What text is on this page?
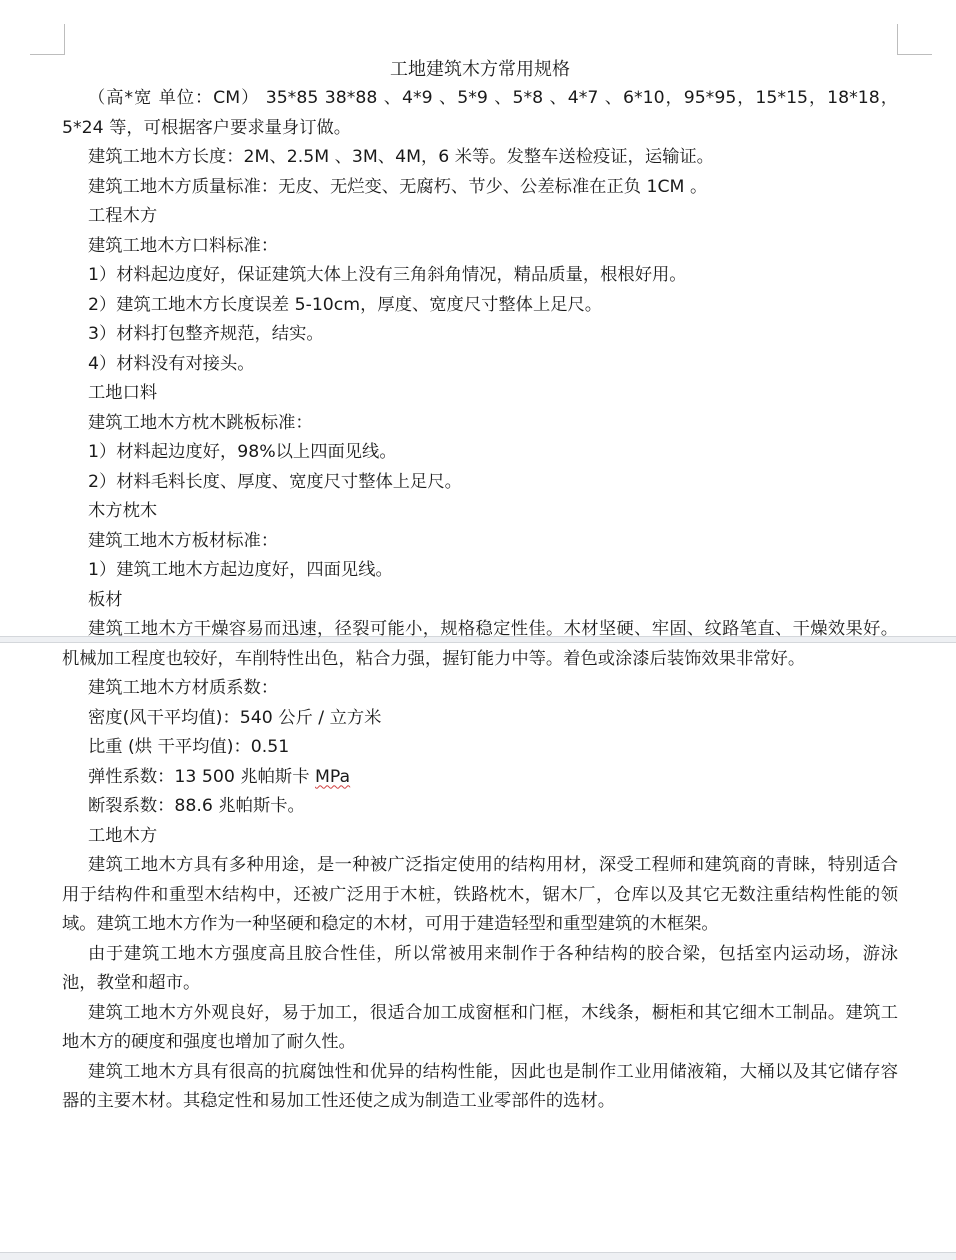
工地建筑木方常用规格

（高*宽 单位：CM） 35*85 38*88 、4*9 、5*9 、5*8 、4*7 、6*10，95*95，15*15，18*18，5*24 等，可根据客户要求量身订做。

建筑工地木方长度：2M、2.5M 、3M、4M，6 米等。发整车送检疫证，运输证。

建筑工地木方质量标准：无皮、无烂变、无腐朽、节少、公差标准在正负 1CM 。

工程木方

建筑工地木方口料标准：

1）材料起边度好，保证建筑大体上没有三角斜角情况，精品质量，根根好用。

2）建筑工地木方长度误差 5-10cm，厚度、宽度尺寸整体上足尺。

3）材料打包整齐规范，结实。

4）材料没有对接头。

工地口料

建筑工地木方枕木跳板标准：

1）材料起边度好，98%以上四面见线。

2）材料毛料长度、厚度、宽度尺寸整体上足尺。

木方枕木

建筑工地木方板材标准：

1）建筑工地木方起边度好，四面见线。

板材

建筑工地木方干燥容易而迅速，径裂可能小，规格稳定性佳。木材坚硬、牢固、纹路笔直、干燥效果好。机械加工程度也较好，车削特性出色，粘合力强，握钉能力中等。着色或涂漆后装饰效果非常好。

建筑工地木方材质系数：

密度(风干平均值)：540 公斤 / 立方米

比重 (烘 干平均值)：0.51

弹性系数：13 500 兆帕斯卡 MPa

断裂系数：88.6 兆帕斯卡。

工地木方

建筑工地木方具有多种用途，是一种被广泛指定使用的结构用材，深受工程师和建筑商的青睐，特别适合用于结构件和重型木结构中，还被广泛用于木桩，铁路枕木，锯木厂，仓库以及其它无数注重结构性能的领域。建筑工地木方作为一种坚硬和稳定的木材，可用于建造轻型和重型建筑的木框架。

由于建筑工地木方强度高且胶合性佳，所以常被用来制作于各种结构的胶合梁，包括室内运动场，游泳池，教堂和超市。

建筑工地木方外观良好，易于加工，很适合加工成窗框和门框，木线条，橱柜和其它细木工制品。建筑工地木方的硬度和强度也增加了耐久性。

建筑工地木方具有很高的抗腐蚀性和优异的结构性能，因此也是制作工业用储液箱，大桶以及其它储存容器的主要木材。其稳定性和易加工性还使之成为制造工业零部件的选材。
